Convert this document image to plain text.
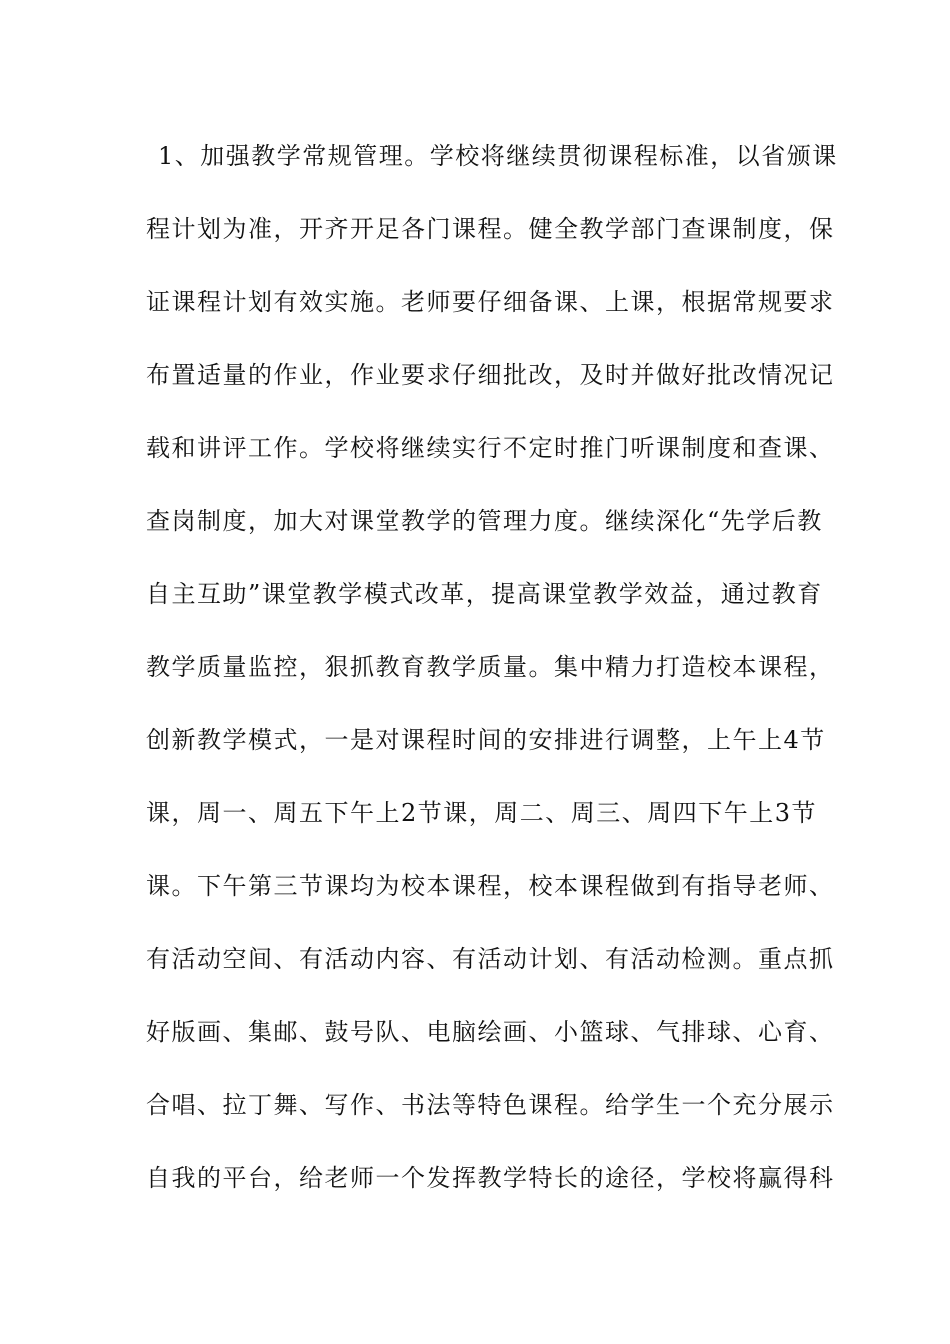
1、加强教学常规管理。学校将继续贯彻课程标准，以省颁课
程计划为准，开齐开足各门课程。健全教学部门查课制度，保
证课程计划有效实施。老师要仔细备课、上课，根据常规要求
布置适量的作业，作业要求仔细批改，及时并做好批改情况记
载和讲评工作。学校将继续实行不定时推门听课制度和查课、
查岗制度，加大对课堂教学的管理力度。继续深化“先学后教
自主互助”课堂教学模式改革，提高课堂教学效益，通过教育
教学质量监控，狠抓教育教学质量。集中精力打造校本课程，
创新教学模式，一是对课程时间的安排进行调整，上午上4节
课，周一、周五下午上2节课，周二、周三、周四下午上3节
课。下午第三节课均为校本课程，校本课程做到有指导老师、
有活动空间、有活动内容、有活动计划、有活动检测。重点抓
好版画、集邮、鼓号队、电脑绘画、小篮球、气排球、心育、
合唱、拉丁舞、写作、书法等特色课程。给学生一个充分展示
自我的平台，给老师一个发挥教学特长的途径，学校将赢得科
